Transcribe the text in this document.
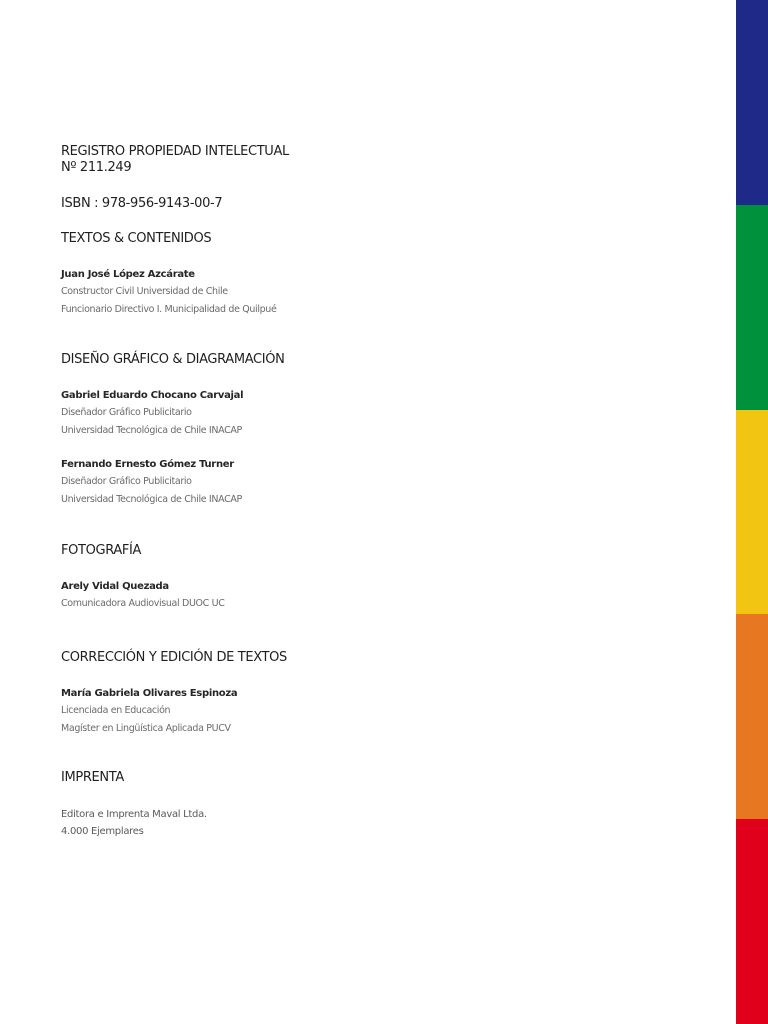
REGISTRO PROPIEDAD INTELECTUAL
Nº 211.249
ISBN : 978-956-9143-00-7
TEXTOS & CONTENIDOS
Juan José López Azcárate
Constructor Civil Universidad de Chile
Funcionario Directivo I. Municipalidad de Quilpué
DISEÑO GRÁFICO & DIAGRAMACIÓN
Gabriel Eduardo Chocano Carvajal
Diseñador Gráfico Publicitario
Universidad Tecnológica de Chile INACAP
Fernando Ernesto Gómez Turner
Diseñador Gráfico Publicitario
Universidad Tecnológica de Chile INACAP
FOTOGRAFÍA
Arely Vidal Quezada
Comunicadora Audiovisual DUOC UC
CORRECCIÓN Y EDICIÓN DE TEXTOS
María Gabriela Olivares Espinoza
Licenciada en Educación
Magíster en Lingüística Aplicada PUCV
IMPRENTA
Editora e Imprenta Maval Ltda.
4.000 Ejemplares
